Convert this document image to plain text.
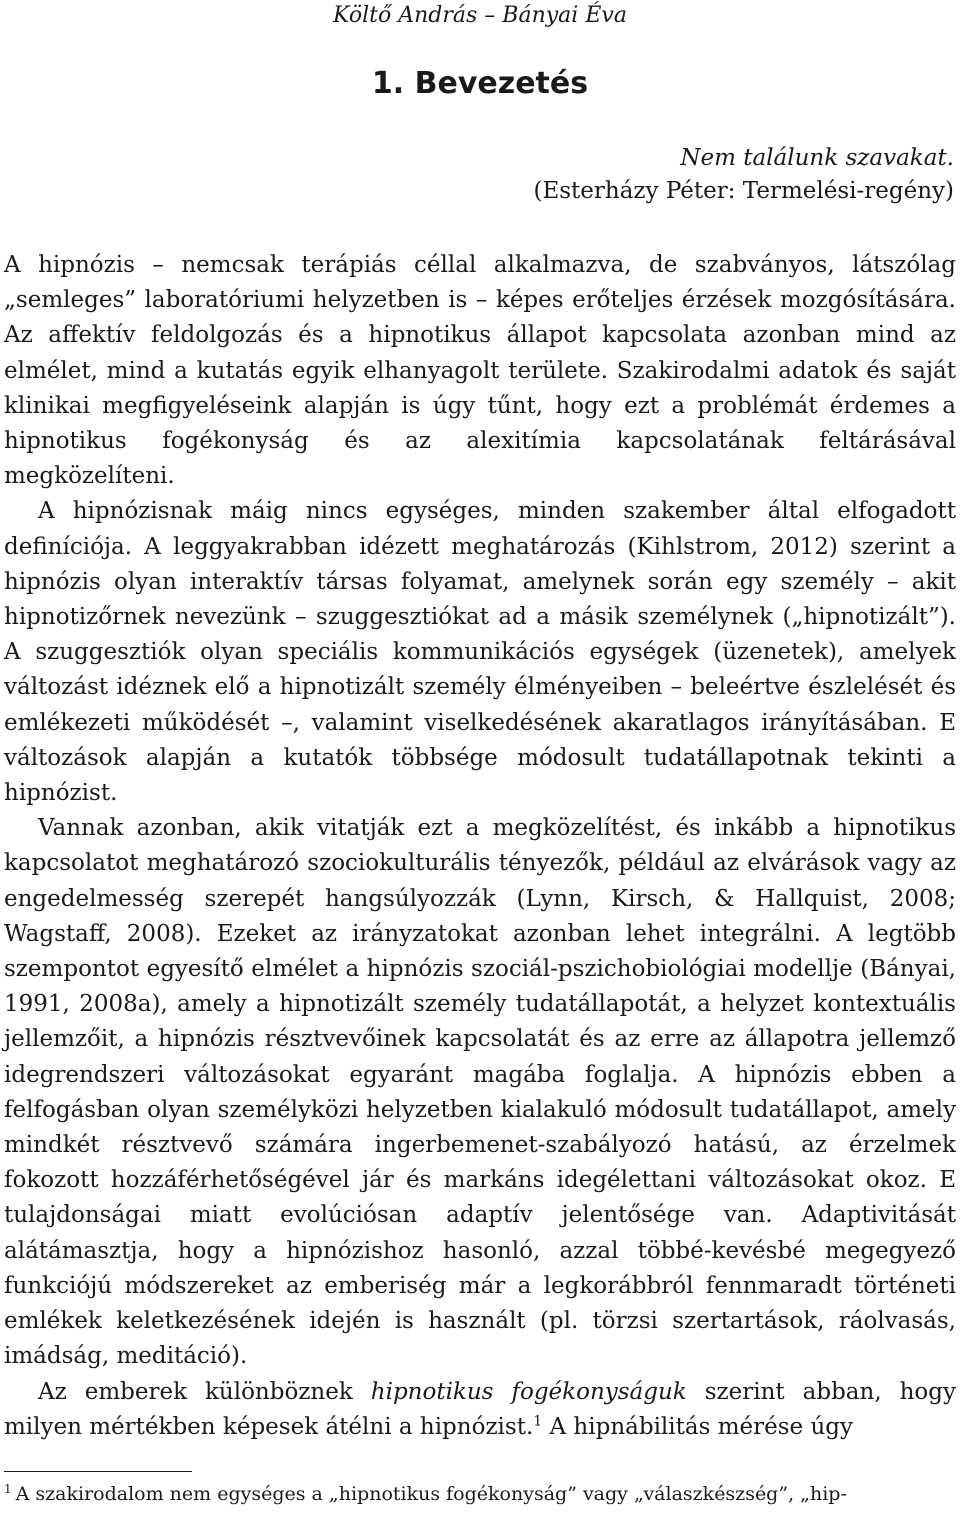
Költő András – Bányai Éva
1. Bevezetés
Nem találunk szavakat.
(Esterházy Péter: Termelési-regény)

A hipnózis – nemcsak terápiás céllal alkalmazva, de szabványos, látszólag „semleges” laboratóriumi helyzetben is – képes erőteljes érzések mozgósítására. Az affektív feldolgozás és a hipnotikus állapot kapcsolata azonban mind az elmélet, mind a kutatás egyik elhanyagolt területe. Szakirodalmi adatok és saját klinikai megfigyeléseink alapján is úgy tűnt, hogy ezt a problémát érdemes a hipnotikus fogékonyság és az alexitímia kapcsolatának feltárásával megközelíteni.

A hipnózisnak máig nincs egységes, minden szakember által elfogadott definíciója. A leggyakrabban idézett meghatározás (Kihlstrom, 2012) szerint a hipnózis olyan interaktív társas folyamat, amelynek során egy személy – akit hipnotizőrnek nevezünk – szuggesztiókat ad a másik személynek („hipnotizált”). A szuggesztiók olyan speciális kommunikációs egységek (üzenetek), amelyek változást idéznek elő a hipnotizált személy élményeiben – beleértve észlelését és emlékezeti működését –, valamint viselkedésének akaratlagos irányításában. E változások alapján a kutatók többsége módosult tudatállapotnak tekinti a hipnózist.

Vannak azonban, akik vitatják ezt a megközelítést, és inkább a hipnotikus kapcsolatot meghatározó szociokulturális tényezők, például az elvárások vagy az engedelmesség szerepét hangsúlyozzák (Lynn, Kirsch, & Hallquist, 2008; Wagstaff, 2008). Ezeket az irányzatokat azonban lehet integrálni. A legtöbb szempontot egyesítő elmélet a hipnózis szociál-pszichobiológiai modellje (Bányai, 1991, 2008a), amely a hipnotizált személy tudatállapotát, a helyzet kontextuális jellemzőit, a hipnózis résztvevőinek kapcsolatát és az erre az állapotra jellemző idegrendszeri változásokat egyaránt magába foglalja. A hipnózis ebben a felfogásban olyan személyközi helyzetben kialakuló módosult tudatállapot, amely mindkét résztvevő számára ingerbemenet-szabályozó hatású, az érzelmek fokozott hozzáférhetőségével jár és markáns idegélettani változásokat okoz. E tulajdonságai miatt evolúciósan adaptív jelentősége van. Adaptivitását alátámasztja, hogy a hipnózishoz hasonló, azzal többé-kevésbé megegyező funkciójú módszereket az emberiség már a legkorábbról fennmaradt történeti emlékek keletkezésének idején is használt (pl. törzsi szertartások, ráolvasás, imádság, meditáció).

Az emberek különböznek hipnotikus fogékonyságuk szerint abban, hogy milyen mértékben képesek átélni a hipnózist.$^1$ A hipnábilitás mérése úgy

$^1$ A szakirodalom nem egységes a „hipnotikus fogékonyság” vagy „válaszkészség”, „hip-
